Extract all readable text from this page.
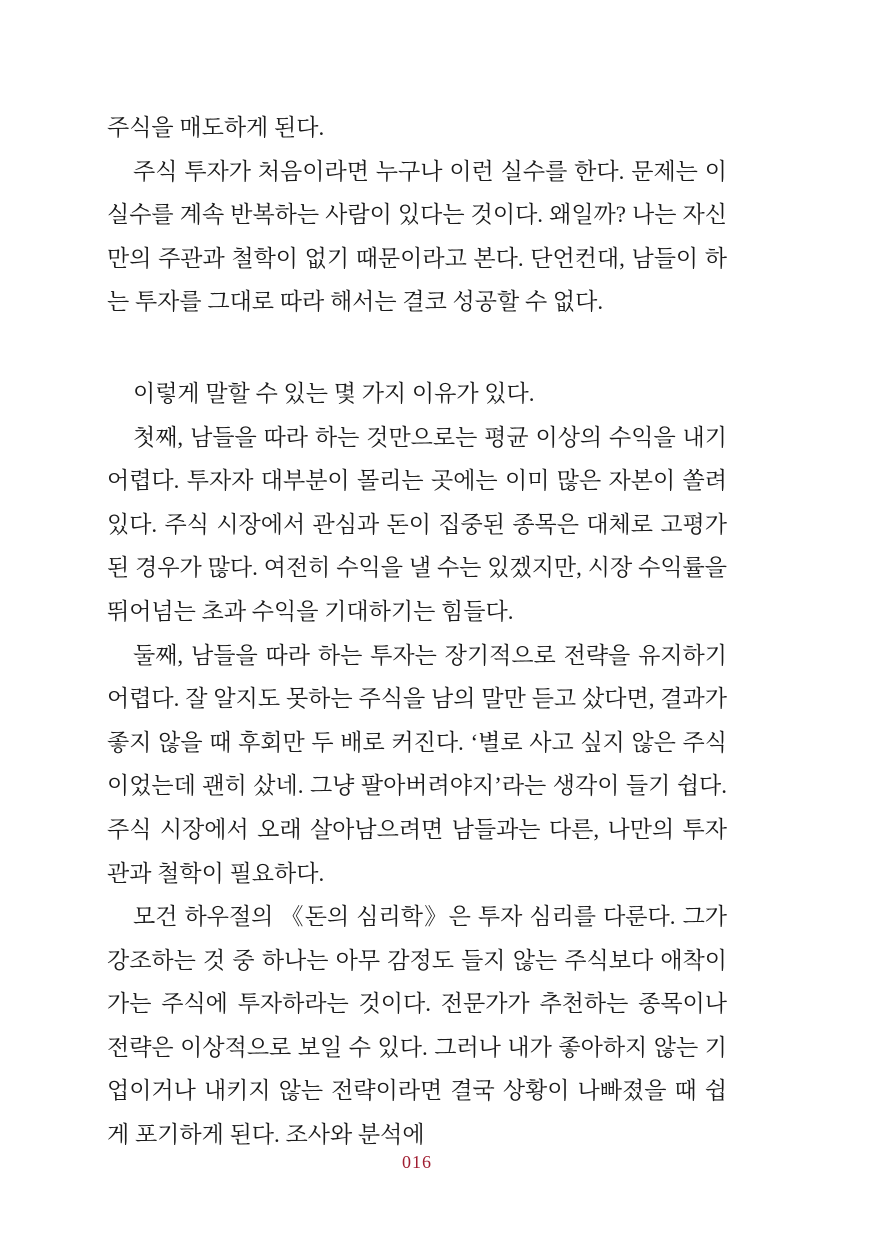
주식을 매도하게 된다.

주식 투자가 처음이라면 누구나 이런 실수를 한다. 문제는 이 실수를 계속 반복하는 사람이 있다는 것이다. 왜일까? 나는 자신만의 주관과 철학이 없기 때문이라고 본다. 단언컨대, 남들이 하는 투자를 그대로 따라 해서는 결코 성공할 수 없다.

이렇게 말할 수 있는 몇 가지 이유가 있다.

첫째, 남들을 따라 하는 것만으로는 평균 이상의 수익을 내기 어렵다. 투자자 대부분이 몰리는 곳에는 이미 많은 자본이 쏠려 있다. 주식 시장에서 관심과 돈이 집중된 종목은 대체로 고평가된 경우가 많다. 여전히 수익을 낼 수는 있겠지만, 시장 수익률을 뛰어넘는 초과 수익을 기대하기는 힘들다.

둘째, 남들을 따라 하는 투자는 장기적으로 전략을 유지하기 어렵다. 잘 알지도 못하는 주식을 남의 말만 듣고 샀다면, 결과가 좋지 않을 때 후회만 두 배로 커진다. ‘별로 사고 싶지 않은 주식이었는데 괜히 샀네. 그냥 팔아버려야지’라는 생각이 들기 쉽다. 주식 시장에서 오래 살아남으려면 남들과는 다른, 나만의 투자관과 철학이 필요하다.

모건 하우절의 《돈의 심리학》은 투자 심리를 다룬다. 그가 강조하는 것 중 하나는 아무 감정도 들지 않는 주식보다 애착이 가는 주식에 투자하라는 것이다. 전문가가 추천하는 종목이나 전략은 이상적으로 보일 수 있다. 그러나 내가 좋아하지 않는 기업이거나 내키지 않는 전략이라면 결국 상황이 나빠졌을 때 쉽게 포기하게 된다. 조사와 분석에

016
